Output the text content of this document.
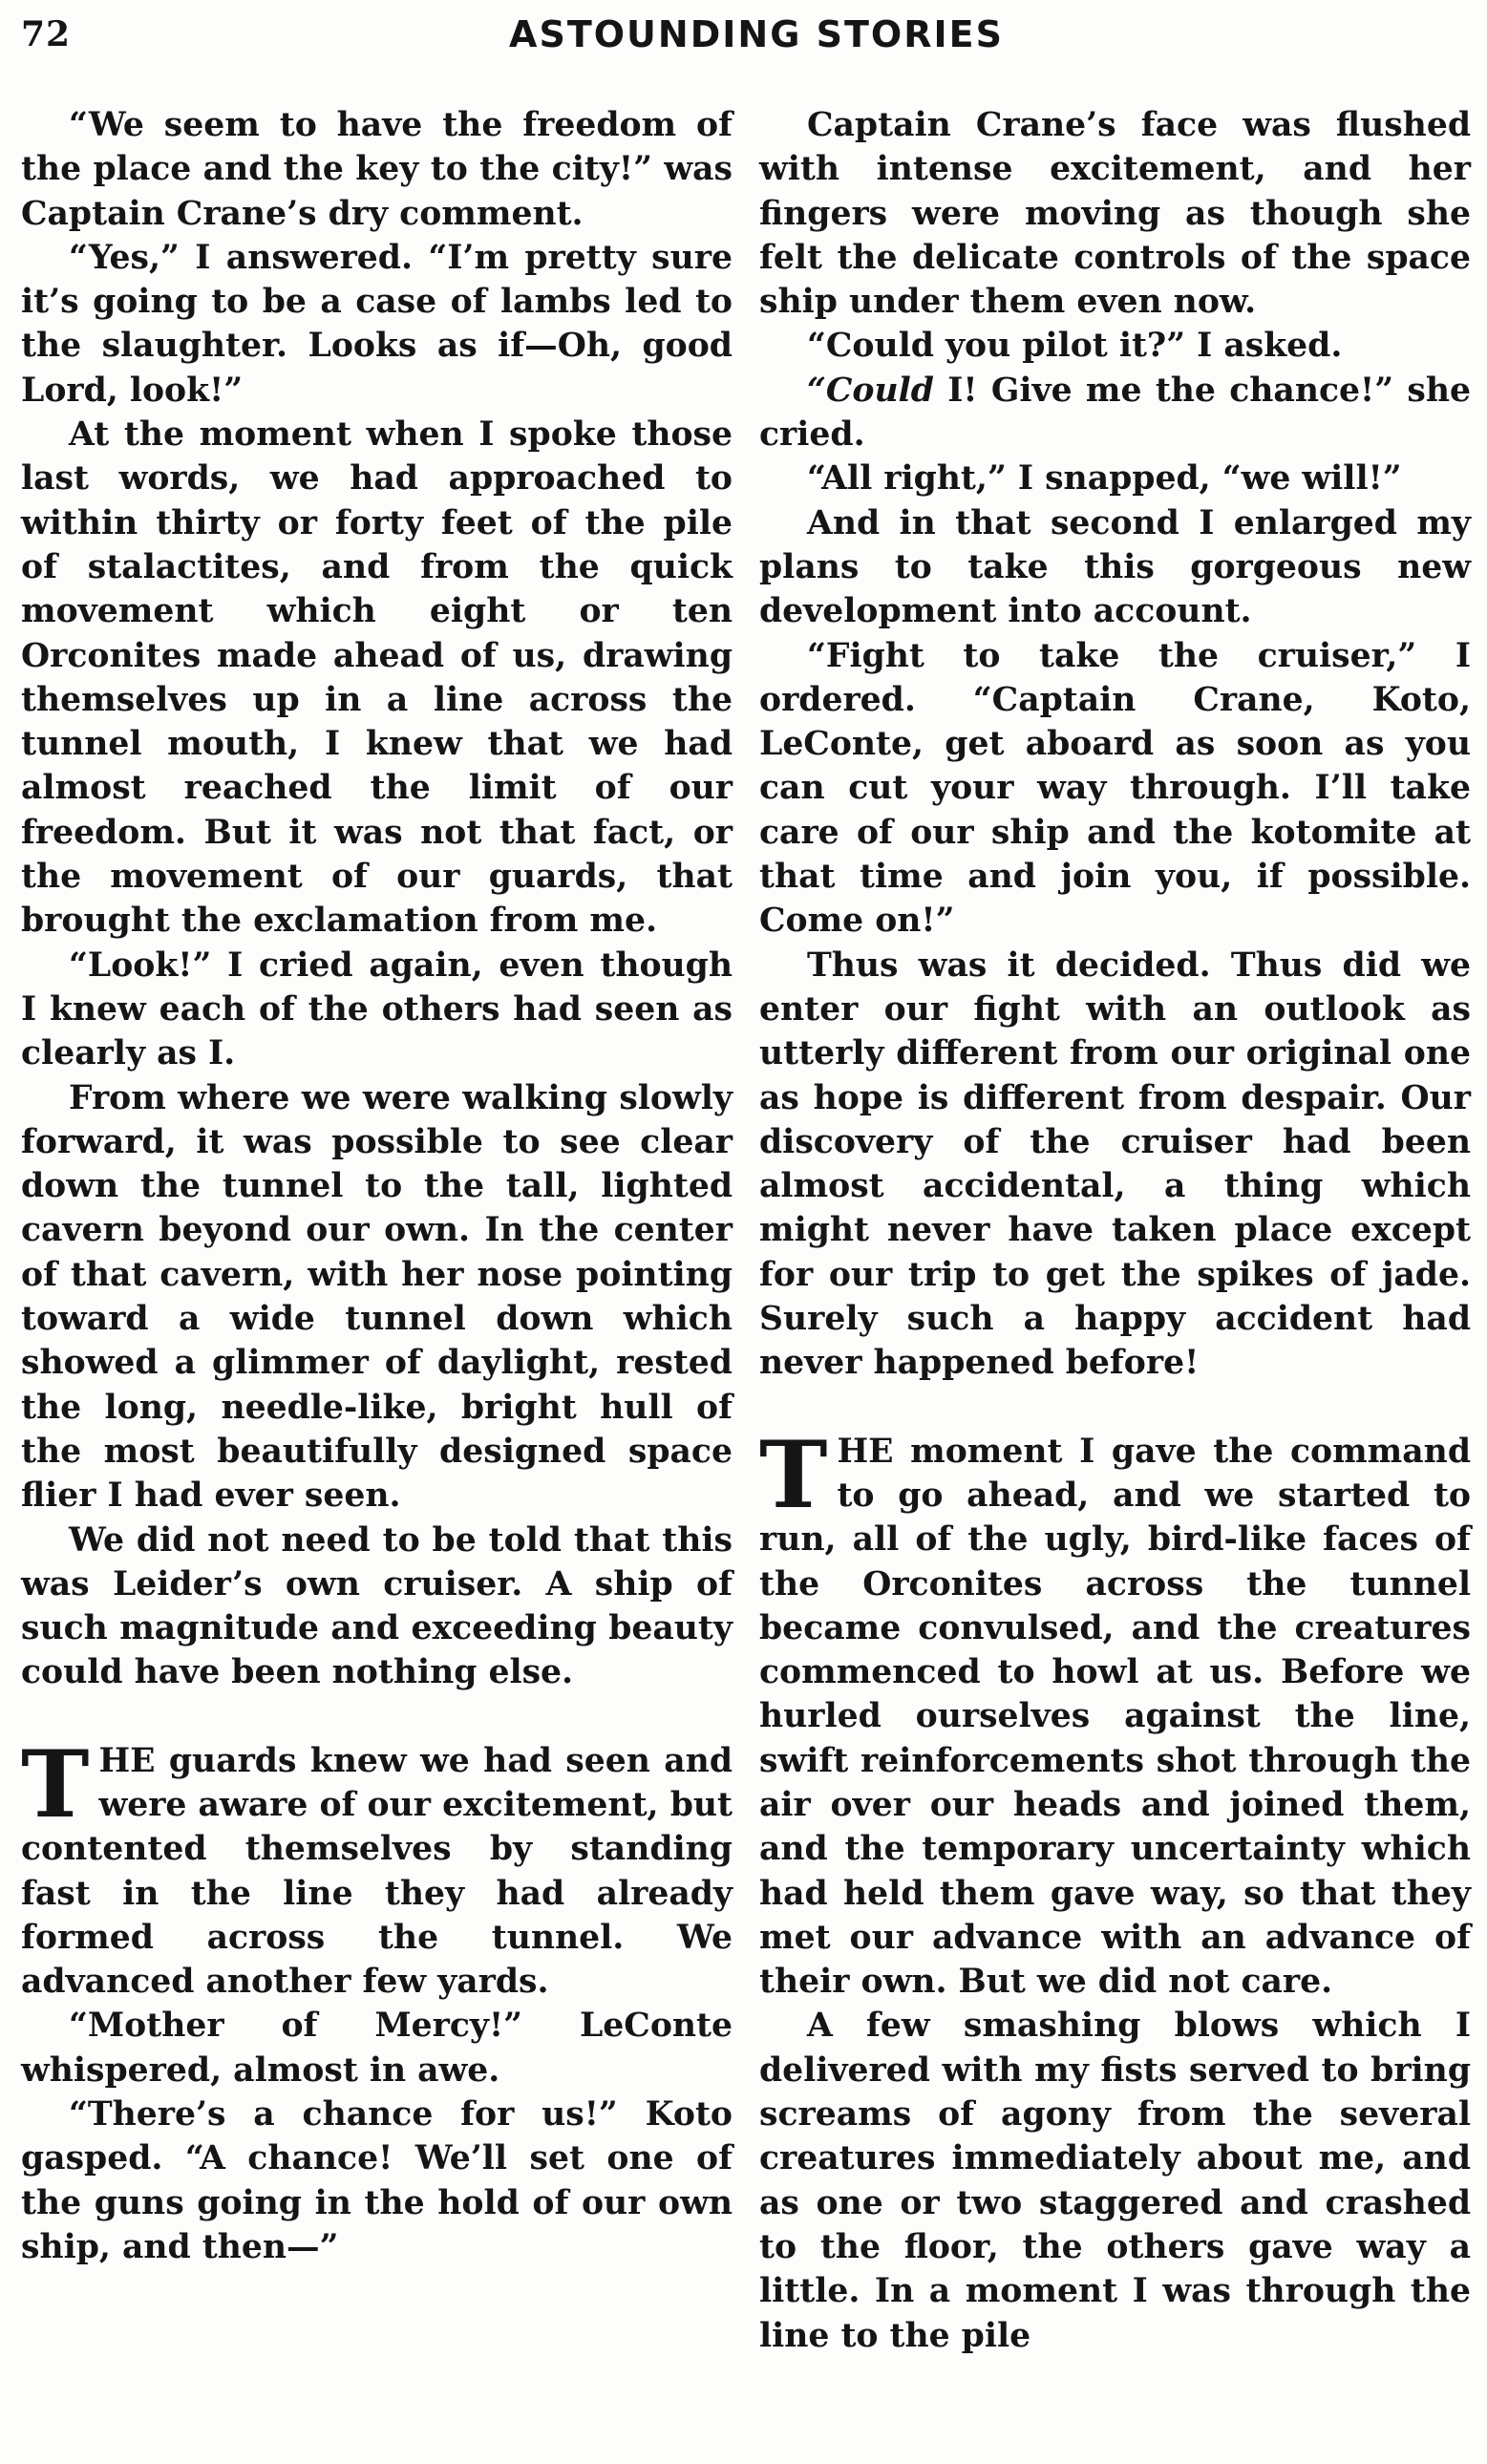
72	ASTOUNDING STORIES

“We seem to have the freedom of the place and the key to the city!” was Captain Crane’s dry comment.

“Yes,” I answered. “I’m pretty sure it’s going to be a case of lambs led to the slaughter. Looks as if—Oh, good Lord, look!”

At the moment when I spoke those last words, we had approached to within thirty or forty feet of the pile of stalactites, and from the quick movement which eight or ten Orconites made ahead of us, drawing themselves up in a line across the tunnel mouth, I knew that we had almost reached the limit of our freedom. But it was not that fact, or the movement of our guards, that brought the exclamation from me.

“Look!” I cried again, even though I knew each of the others had seen as clearly as I.

From where we were walking slowly forward, it was possible to see clear down the tunnel to the tall, lighted cavern beyond our own. In the center of that cavern, with her nose pointing toward a wide tunnel down which showed a glimmer of daylight, rested the long, needle-like, bright hull of the most beautifully designed space flier I had ever seen.

We did not need to be told that this was Leider’s own cruiser. A ship of such magnitude and exceeding beauty could have been nothing else.

THE guards knew we had seen and were aware of our excitement, but contented themselves by standing fast in the line they had already formed across the tunnel. We advanced another few yards.

“Mother of Mercy!” LeConte whispered, almost in awe.

“There’s a chance for us!” Koto gasped. “A chance! We’ll set one of the guns going in the hold of our own ship, and then—”

Captain Crane’s face was flushed with intense excitement, and her fingers were moving as though she felt the delicate controls of the space ship under them even now.

“Could you pilot it?” I asked.

“Could I! Give me the chance!” she cried.

“All right,” I snapped, “we will!”

And in that second I enlarged my plans to take this gorgeous new development into account.

“Fight to take the cruiser,” I ordered. “Captain Crane, Koto, LeConte, get aboard as soon as you can cut your way through. I’ll take care of our ship and the kotomite at that time and join you, if possible. Come on!”

Thus was it decided. Thus did we enter our fight with an outlook as utterly different from our original one as hope is different from despair. Our discovery of the cruiser had been almost accidental, a thing which might never have taken place except for our trip to get the spikes of jade. Surely such a happy accident had never happened before!

THE moment I gave the command to go ahead, and we started to run, all of the ugly, bird-like faces of the Orconites across the tunnel became convulsed, and the creatures commenced to howl at us. Before we hurled ourselves against the line, swift reinforcements shot through the air over our heads and joined them, and the temporary uncertainty which had held them gave way, so that they met our advance with an advance of their own. But we did not care.

A few smashing blows which I delivered with my fists served to bring screams of agony from the several creatures immediately about me, and as one or two staggered and crashed to the floor, the others gave way a little. In a moment I was through the line to the pile
